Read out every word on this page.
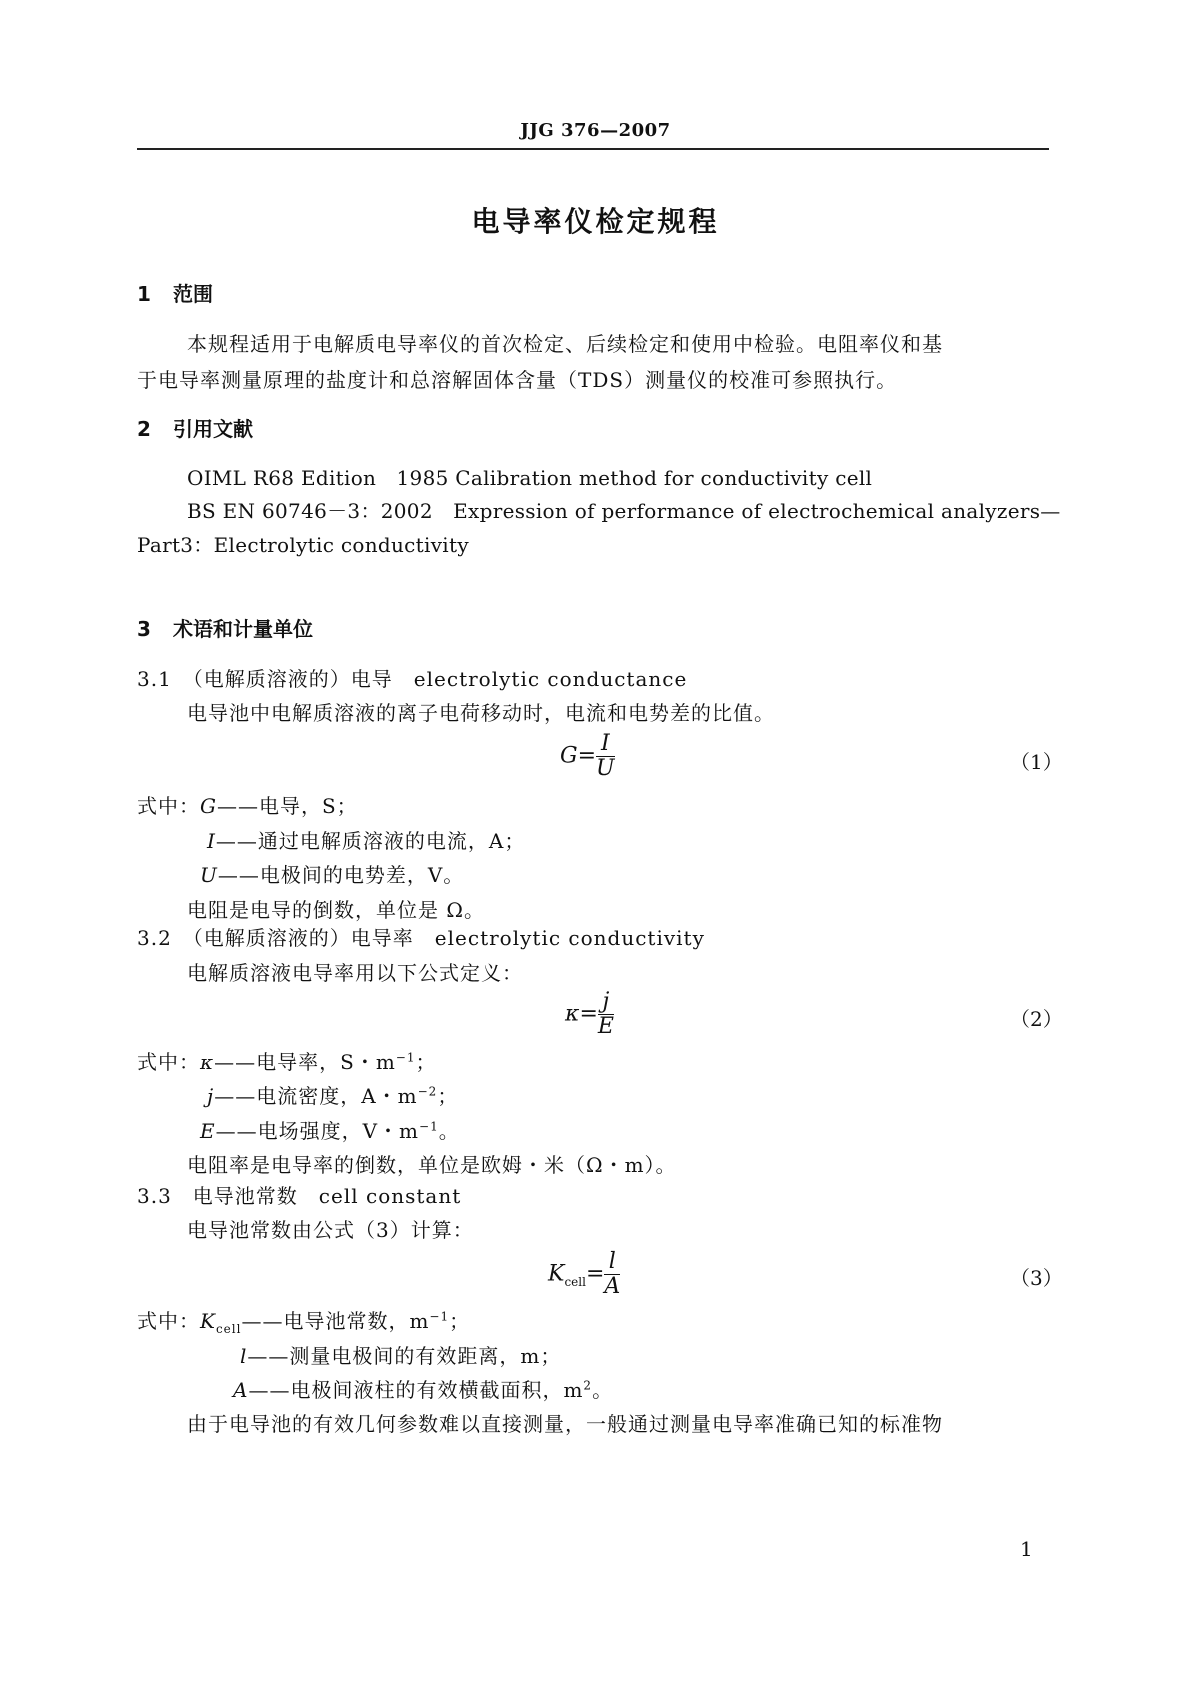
JJG 376—2007
电导率仪检定规程
1 范围
本规程适用于电解质电导率仪的首次检定、后续检定和使用中检验。电阻率仪和基
于电导率测量原理的盐度计和总溶解固体含量（TDS）测量仪的校准可参照执行。
2 引用文献
OIML R68 Edition　1985 Calibration method for conductivity cell
BS EN 60746－3：2002　Expression of performance of electrochemical analyzers—
Part3：Electrolytic conductivity
3 术语和计量单位
3.1　（电解质溶液的）电导　electrolytic conductance
电导池中电解质溶液的离子电荷移动时，电流和电势差的比值。
$G= \frac{I}{U}$	（1）
式中：G——电导，S；
I——通过电解质溶液的电流，A；
U——电极间的电势差，V。
电阻是电导的倒数，单位是 Ω。
3.2　（电解质溶液的）电导率　electrolytic conductivity
电解质溶液电导率用以下公式定义：
$\kappa= \frac{j}{E}$	（2）
式中：κ——电导率，S・$m^{-1}$；
j——电流密度，A・$m^{-2}$；
E——电场强度，V・$m^{-1}$。
电阻率是电导率的倒数，单位是欧姆・米（Ω・m）。
3.3　电导池常数　cell constant
电导池常数由公式（3）计算：
$K_{cell}= \frac{l}{A}$	（3）
式中：$K_{cell}——$电导池常数，$m^{-1}$；
l——测量电极间的有效距离，m；
A——电极间液柱的有效横截面积，$m^2$。
由于电导池的有效几何参数难以直接测量，一般通过测量电导率准确已知的标准物
1
